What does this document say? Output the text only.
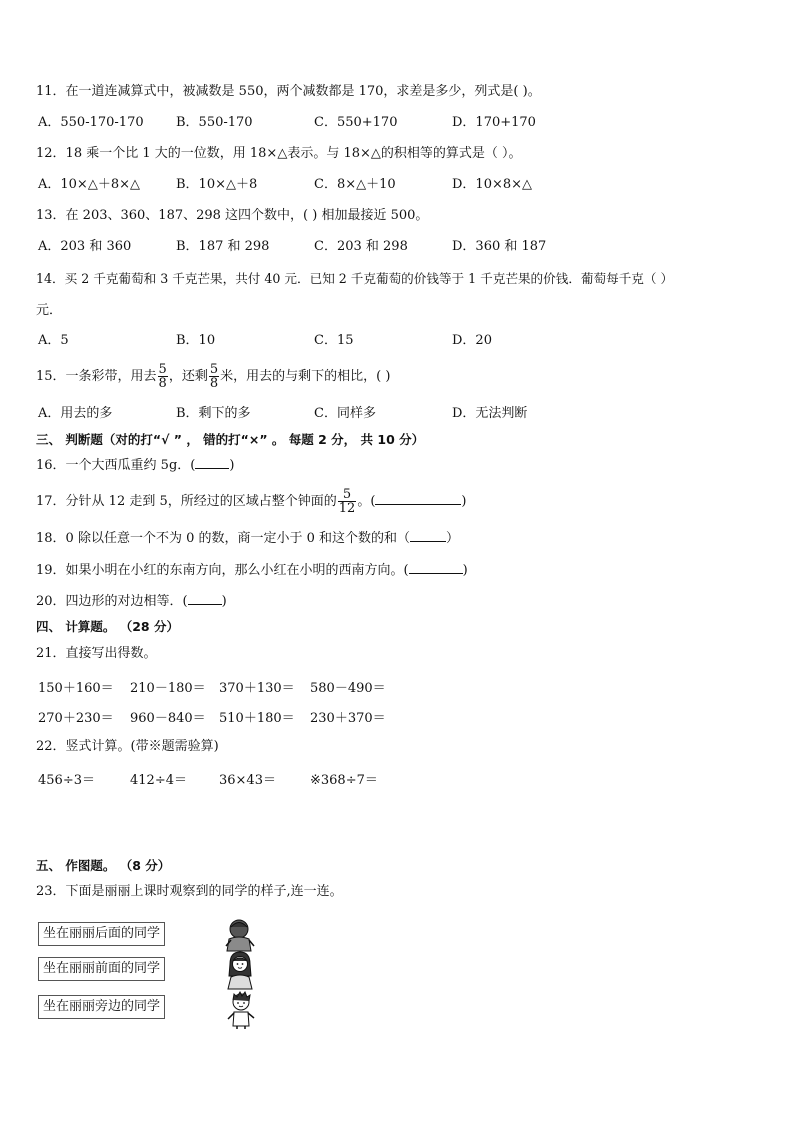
11．在一道连减算式中，被减数是 550，两个减数都是 170，求差是多少，列式是( )。
A．550-170-170 B．550-170	C．550+170	D．170+170
12．18 乘一个比 1 大的一位数，用 18×△表示。与 18×△的积相等的算式是（ ）。
A．10×△＋8×△	B．10×△＋8	C．8×△＋10	D．10×8×△
13．在 203、360、187、298 这四个数中，( ) 相加最接近 500。
A．203 和 360	B．187 和 298	C．203 和 298	D．360 和 187
14．买 2 千克葡萄和 3 千克芒果，共付 40 元．已知 2 千克葡萄的价钱等于 1 千克芒果的价钱．葡萄每千克（ ）
元．
A．5	B．10	C．15	D．20
15．一条彩带，用去 $\frac{5}{8}$ ，还剩 $\frac{5}{8}$ 米，用去的与剩下的相比，( )
A．用去的多	B．剩下的多	C．同样多	D．无法判断
三、 判断题（对的打“√ ” ， 错的打“×” 。 每题 2 分， 共 10 分）
16．一个大西瓜重约 5g．(	)
17．分针从 12 走到 5，所经过的区域占整个钟面的 $\frac{5}{12}$ 。(	)
18．0 除以任意一个不为 0 的数，商一定小于 0 和这个数的和（	）
19．如果小明在小红的东南方向，那么小红在小明的西南方向。(	)
20．四边形的对边相等．(	)
四、 计算题。 （28 分）
21．直接写出得数。
150＋160＝ 210－180＝ 370＋130＝ 580－490＝
270＋230＝ 960－840＝ 510＋180＝ 230＋370＝
22．竖式计算。(带※题需验算)
456÷3＝	412÷4＝ 36×43＝	※368÷7＝
五、 作图题。 （8 分）
23．下面是丽丽上课时观察到的同学的样子,连一连。
坐在丽丽后面的同学
坐在丽丽前面的同学
坐在丽丽旁边的同学
